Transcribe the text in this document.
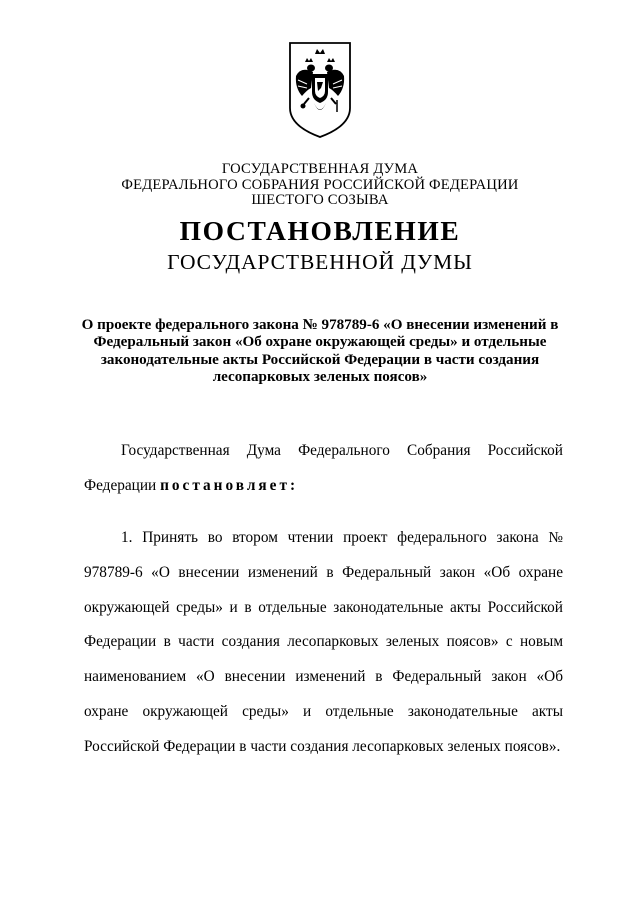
ГОСУДАРСТВЕННАЯ ДУМА
ФЕДЕРАЛЬНОГО СОБРАНИЯ РОССИЙСКОЙ ФЕДЕРАЦИИ
ШЕСТОГО СОЗЫВА
ПОСТАНОВЛЕНИЕ
ГОСУДАРСТВЕННОЙ ДУМЫ
О проекте федерального закона № 978789-6 «О внесении изменений в
Федеральный закон «Об охране окружающей среды» и отдельные
законодательные акты Российской Федерации в части создания
лесопарковых зеленых поясов»
Государственная Дума Федерального Собрания Российской Федерации постановляет:
1. Принять во втором чтении проект федерального закона № 978789-6 «О внесении изменений в Федеральный закон «Об охране окружающей среды» и в отдельные законодательные акты Российской Федерации в части создания лесопарковых зеленых поясов» с новым наименованием «О внесении изменений в Федеральный закон «Об охране окружающей среды» и отдельные законодательные акты Российской Федерации в части создания лесопарковых зеленых поясов».
